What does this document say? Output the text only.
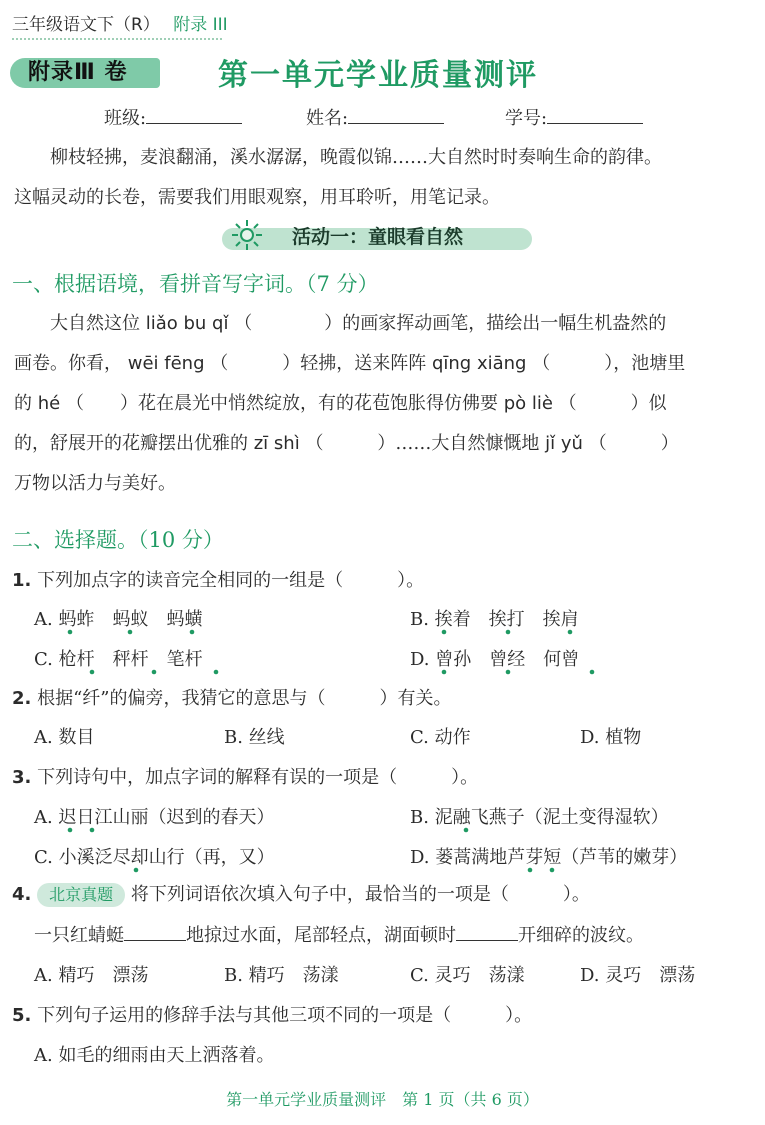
三年级语文下（R） 附录 III
附录Ⅲ 卷	第一单元学业质量测评
班级:	姓名:	学号:
柳枝轻拂，麦浪翻涌，溪水潺潺，晚霞似锦……大自然时时奏响生命的韵律。
这幅灵动的长卷，需要我们用眼观察，用耳聆听，用笔记录。
活动一：童眼看自然
一、根据语境，看拼音写字词。（7 分）
大自然这位 liǎo bu qǐ （　　　　）的画家挥动画笔，描绘出一幅生机盎然的
画卷。你看， wēi fēng （　　　）轻拂，送来阵阵 qīng xiāng （　　　），池塘里
的 hé （　　）花在晨光中悄然绽放，有的花苞饱胀得仿佛要 pò liè （　　　）似
的，舒展开的花瓣摆出优雅的 zī shì （　　　）……大自然慷慨地 jǐ yǔ （　　　）
万物以活力与美好。
二、选择题。（10 分）
1. 下列加点字的读音完全相同的一组是（　　　）。
A. 蚂蚱　蚂蚁　蚂蟥	B. 挨着　挨打　挨肩
C. 枪杆　秤杆　笔杆	D. 曾孙　曾经　何曾
2. 根据“纤”的偏旁，我猜它的意思与（　　　）有关。
A. 数目	B. 丝线	C. 动作	D. 植物
3. 下列诗句中，加点字词的解释有误的一项是（　　　）。
A. 迟日江山丽（迟到的春天）	B. 泥融飞燕子（泥土变得湿软）
C. 小溪泛尽却山行（再，又）	D. 蒌蒿满地芦芽短（芦苇的嫩芽）
4. 北京真题 将下列词语依次填入句子中，最恰当的一项是（　　　）。
一只红蜻蜓	地掠过水面，尾部轻点，湖面顿时	开细碎的波纹。
A. 精巧　漂荡	B. 精巧　荡漾	C. 灵巧　荡漾	D. 灵巧　漂荡
5. 下列句子运用的修辞手法与其他三项不同的一项是（　　　）。
A. 如毛的细雨由天上洒落着。
第一单元学业质量测评　第 1 页（共 6 页）
